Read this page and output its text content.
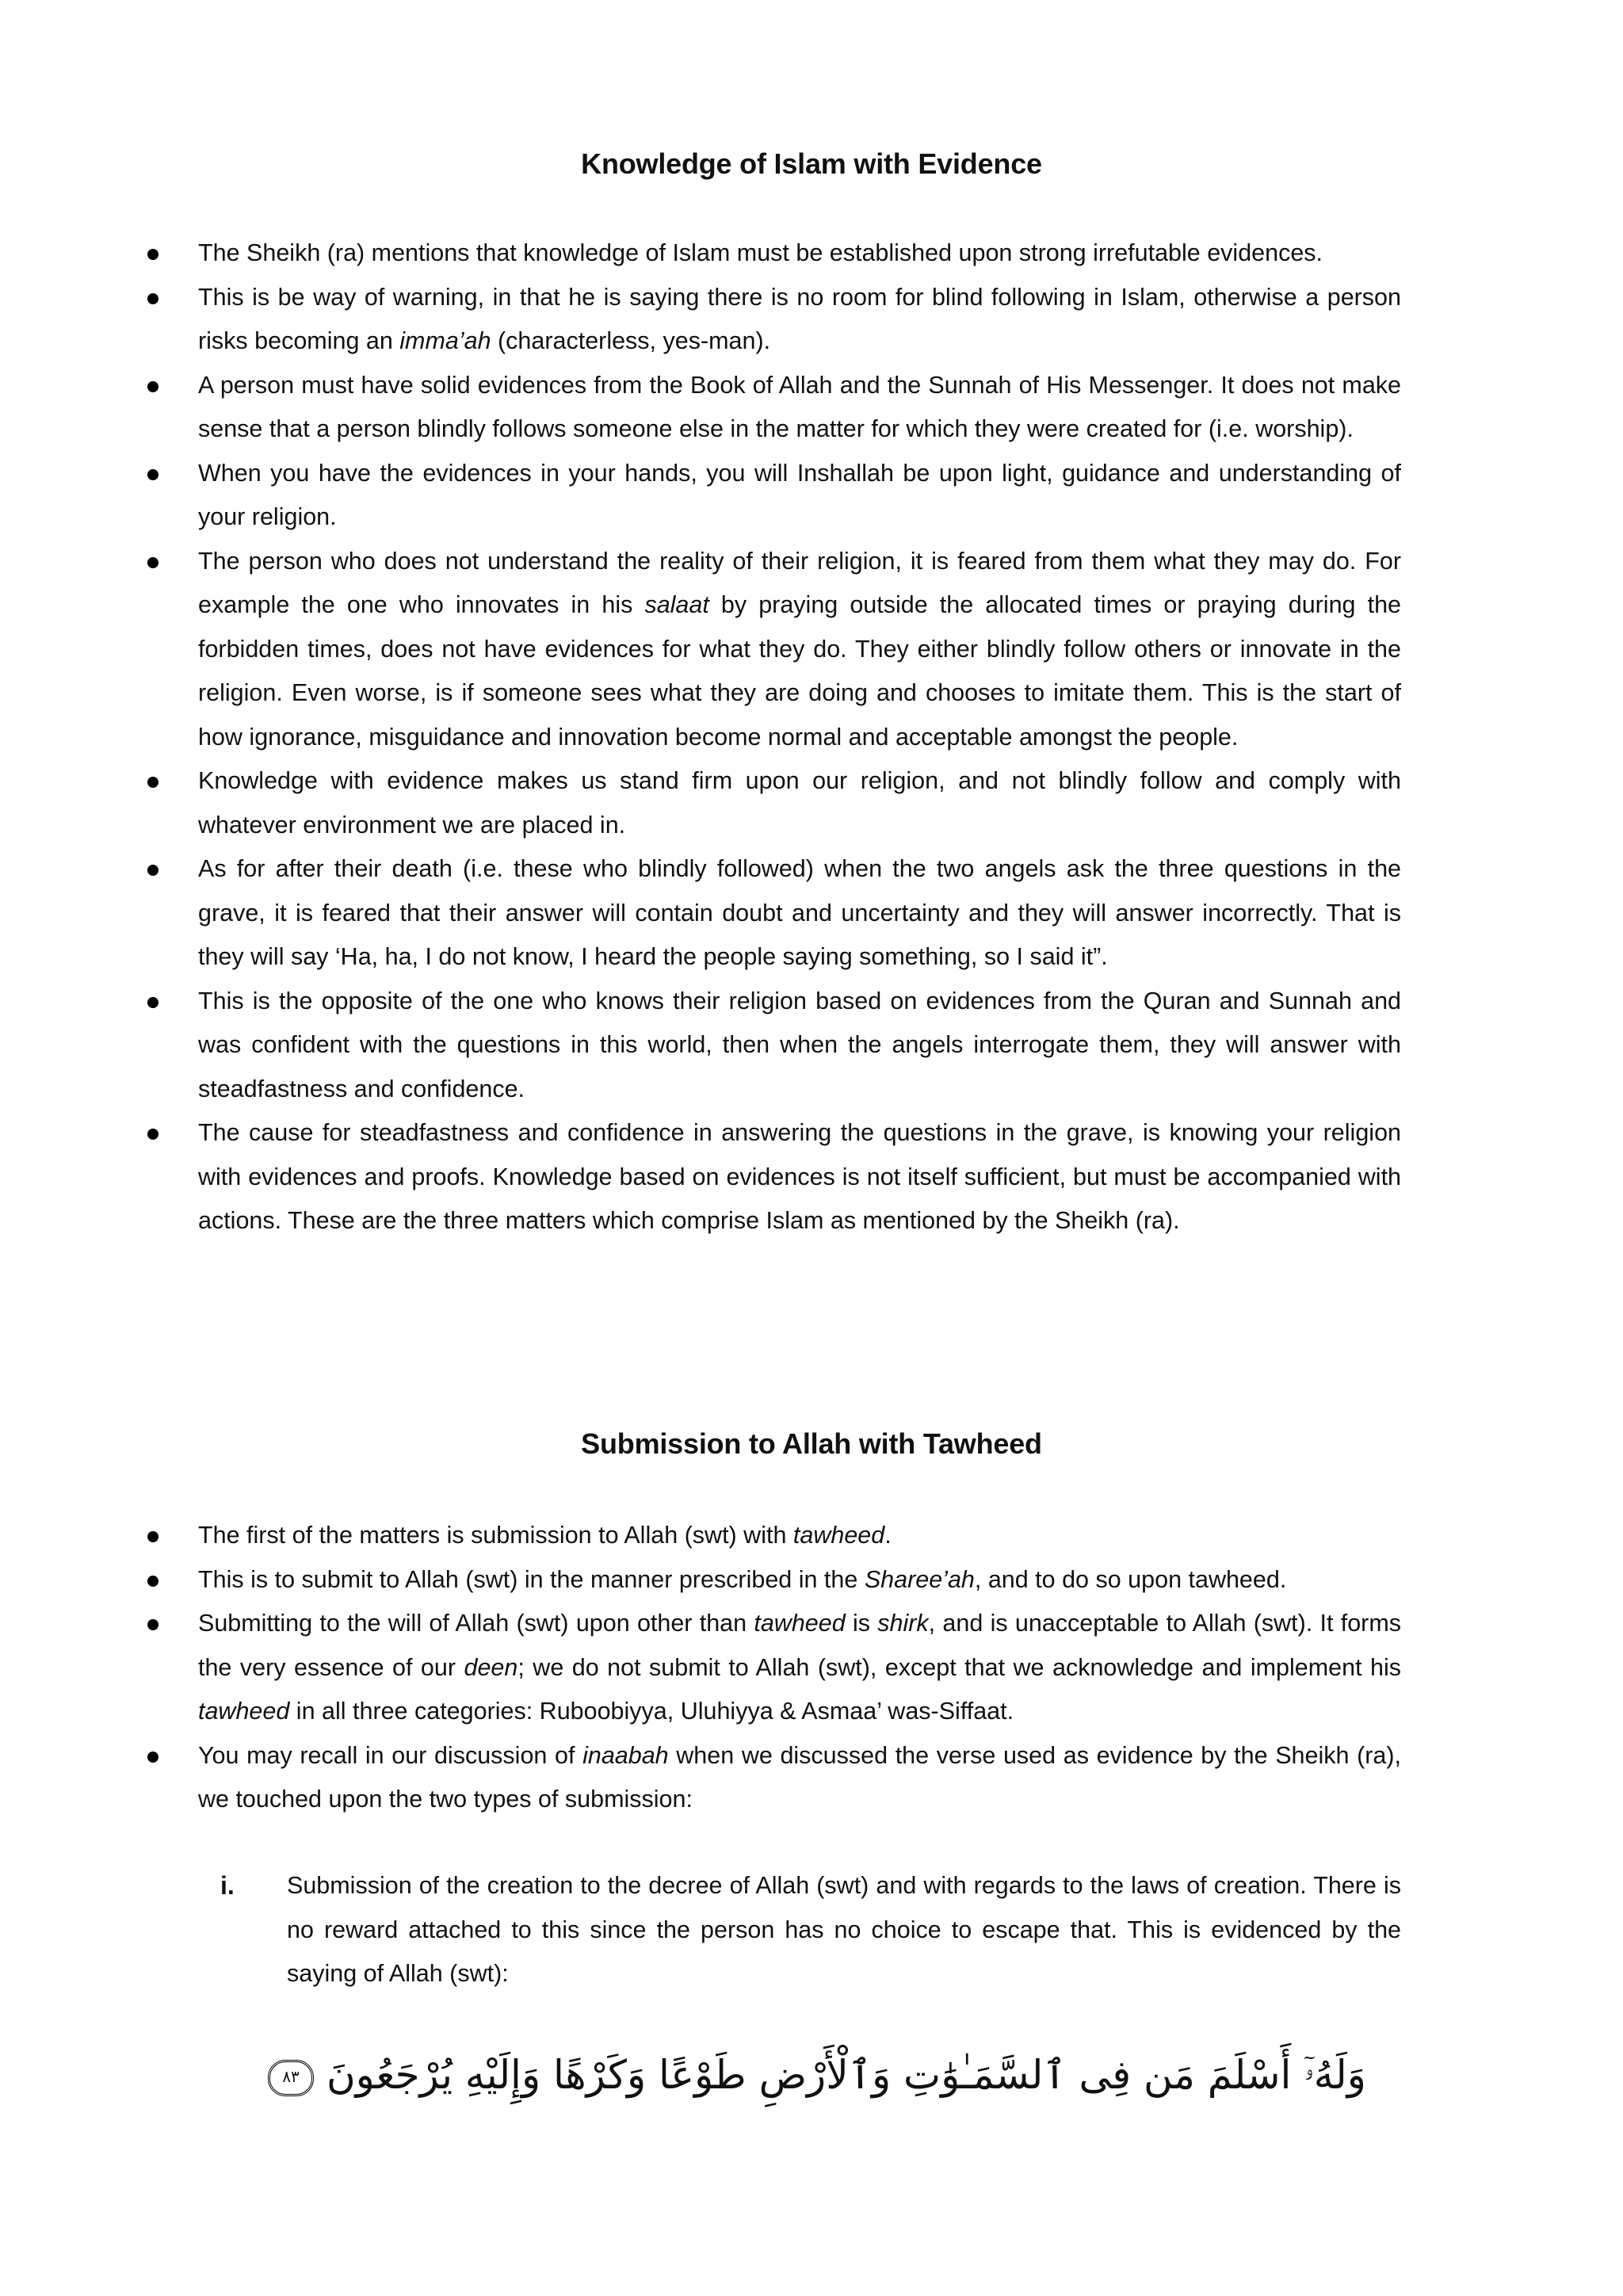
Knowledge of Islam with Evidence
The Sheikh (ra) mentions that knowledge of Islam must be established upon strong irrefutable evidences.
This is be way of warning, in that he is saying there is no room for blind following in Islam, otherwise a person risks becoming an imma’ah (characterless, yes-man).
A person must have solid evidences from the Book of Allah and the Sunnah of His Messenger. It does not make sense that a person blindly follows someone else in the matter for which they were created for (i.e. worship).
When you have the evidences in your hands, you will Inshallah be upon light, guidance and understanding of your religion.
The person who does not understand the reality of their religion, it is feared from them what they may do. For example the one who innovates in his salaat by praying outside the allocated times or praying during the forbidden times, does not have evidences for what they do. They either blindly follow others or innovate in the religion. Even worse, is if someone sees what they are doing and chooses to imitate them. This is the start of how ignorance, misguidance and innovation become normal and acceptable amongst the people.
Knowledge with evidence makes us stand firm upon our religion, and not blindly follow and comply with whatever environment we are placed in.
As for after their death (i.e. these who blindly followed) when the two angels ask the three questions in the grave, it is feared that their answer will contain doubt and uncertainty and they will answer incorrectly. That is they will say ‘Ha, ha, I do not know, I heard the people saying something, so I said it”.
This is the opposite of the one who knows their religion based on evidences from the Quran and Sunnah and was confident with the questions in this world, then when the angels interrogate them, they will answer with steadfastness and confidence.
The cause for steadfastness and confidence in answering the questions in the grave, is knowing your religion with evidences and proofs. Knowledge based on evidences is not itself sufficient, but must be accompanied with actions. These are the three matters which comprise Islam as mentioned by the Sheikh (ra).
Submission to Allah with Tawheed
The first of the matters is submission to Allah (swt) with tawheed.
This is to submit to Allah (swt) in the manner prescribed in the Sharee’ah, and to do so upon tawheed.
Submitting to the will of Allah (swt) upon other than tawheed is shirk, and is unacceptable to Allah (swt). It forms the very essence of our deen; we do not submit to Allah (swt), except that we acknowledge and implement his tawheed in all three categories: Ruboobiyya, Uluhiyya & Asmaa’ was-Siffaat.
You may recall in our discussion of inaabah when we discussed the verse used as evidence by the Sheikh (ra), we touched upon the two types of submission:
i. Submission of the creation to the decree of Allah (swt) and with regards to the laws of creation. There is no reward attached to this since the person has no choice to escape that. This is evidenced by the saying of Allah (swt):
وَلَهُۥٓ أَسْلَمَ مَن فِى ٱلسَّمَـٰوَٰتِ وَٱلْأَرْضِ طَوْعًا وَكَرْهًا وَإِلَيْهِ يُرْجَعُونَ
٨٣
